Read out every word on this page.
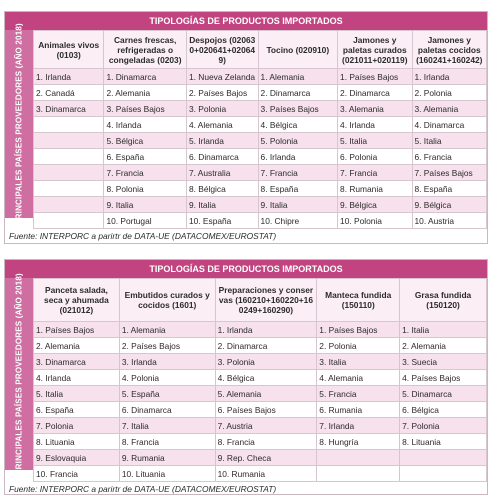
TIPOLOGÍAS DE PRODUCTOS IMPORTADOS
PRINCIPALES PAÍSES PROVEEDORES (AÑO 2018) Animales vivos (0103)	Carnes frescas, refrigeradas o congeladas (0203)	Despojos (020630+020641+020649)	Tocino (020910)	Jamones y paletas curados (021011+020119)	Jamones y paletas cocidos (160241+160242)
1. Irlanda	1. Dinamarca	1. Nueva Zelanda	1. Alemania	1. Países Bajos	1. Irlanda
2. Canadá	2. Alemania	2. Países Bajos	2. Dinamarca	2. Dinamarca	2. Polonia
3. Dinamarca	3. Países Bajos	3. Polonia	3. Países Bajos	3. Alemania	3. Alemania
	4. Irlanda	4. Alemania	4. Bélgica	4. Irlanda	4. Dinamarca
	5. Bélgica	5. Irlanda	5. Polonia	5. Italia	5. Italia
	6. España	6. Dinamarca	6. Irlanda	6. Polonia	6. Francia
	7. Francia	7. Australia	7. Francia	7. Francia	7. Países Bajos
	8. Polonia	8. Bélgica	8. España	8. Rumania	8. España
	9. Italia	9. Italia	9. Italia	9. Bélgica	9. Bélgica
	10. Portugal	10. España	10. Chipre	10. Polonia	10. Austria
Fuente: INTERPORC a parirtr de DATA-UE (DATACOMEX/EUROSTAT)
TIPOLOGÍAS DE PRODUCTOS IMPORTADOS
PRINCIPALES PAÍSES PROVEEDORES (AÑO 2018)	Panceta salada, seca y ahumada (021012)	Embutidos curados y cocidos (1601)	Preparaciones y conservas (160210+160220+160249+160290)	Manteca fundida (150110)	Grasa fundida (150120)
1. Países Bajos	1. Alemania	1. Irlanda	1. Países Bajos	1. Italia
2. Alemania	2. Países Bajos	2. Dinamarca	2. Polonia	2. Alemania
3. Dinamarca	3. Irlanda	3. Polonia	3. Italia	3. Suecia
4. Irlanda	4. Polonia	4. Bélgica	4. Alemania	4. Países Bajos
5. Italia	5. España	5. Alemania	5. Francia	5. Dinamarca
6. España	6. Dinamarca	6. Países Bajos	6. Rumania	6. Bélgica
7. Polonia	7. Italia	7. Austria	7. Irlanda	7. Polonia
8. Lituania	8. Francia	8. Francia	8. Hungría	8. Lituania
9. Eslovaquia	9. Rumania	9. Rep. Checa		
10. Francia	10. Lituania	10. Rumania		
Fuente: INTERPORC a parirtr de DATA-UE (DATACOMEX/EUROSTAT)
